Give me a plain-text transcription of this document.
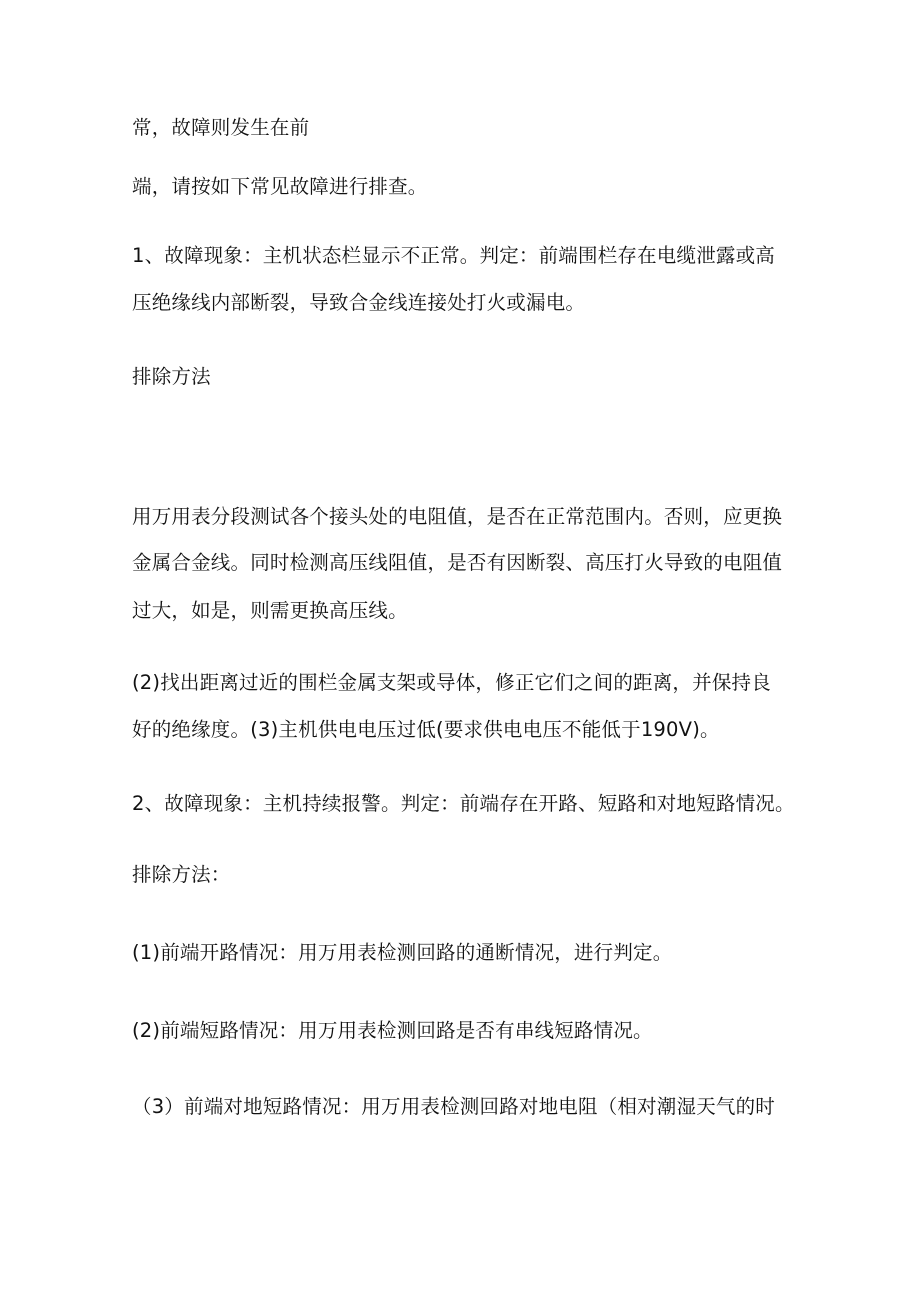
常，故障则发生在前
端，请按如下常见故障进行排查。
1、故障现象：主机状态栏显示不正常。判定：前端围栏存在电缆泄露或高
压绝缘线内部断裂，导致合金线连接处打火或漏电。
排除方法
用万用表分段测试各个接头处的电阻值，是否在正常范围内。否则，应更换
金属合金线。同时检测高压线阻值，是否有因断裂、高压打火导致的电阻值
过大，如是，则需更换高压线。
(2)找出距离过近的围栏金属支架或导体，修正它们之间的距离，并保持良
好的绝缘度。(3)主机供电电压过低(要求供电电压不能低于190V)。
2、故障现象：主机持续报警。判定：前端存在开路、短路和对地短路情况。
排除方法：
(1)前端开路情况：用万用表检测回路的通断情况，进行判定。
(2)前端短路情况：用万用表检测回路是否有串线短路情况。
（3）前端对地短路情况：用万用表检测回路对地电阻（相对潮湿天气的时
